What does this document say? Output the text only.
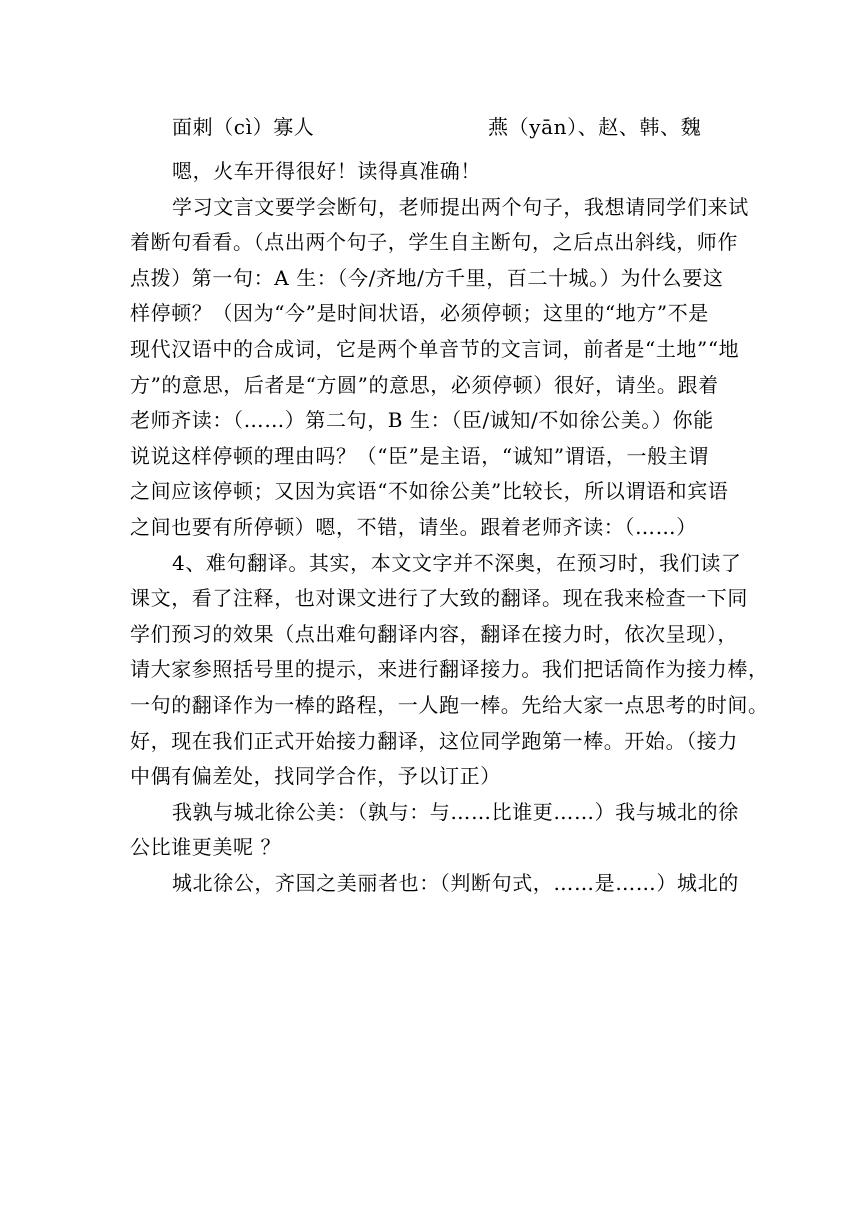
面刺（cì）寡人	燕（yān）、赵、韩、魏
嗯，火车开得很好！读得真准确！
学习文言文要学会断句，老师提出两个句子，我想请同学们来试
着断句看看。（点出两个句子，学生自主断句，之后点出斜线，师作
点拨）第一句：A 生：（今/齐地/方千里，百二十城。）为什么要这
样停顿？（因为“今”是时间状语，必须停顿；这里的“地方”不是
现代汉语中的合成词，它是两个单音节的文言词，前者是“土地”“地
方”的意思，后者是“方圆”的意思，必须停顿）很好，请坐。跟着
老师齐读：（……）第二句，B 生：（臣/诚知/不如徐公美。）你能
说说这样停顿的理由吗？（“臣”是主语，“诚知”谓语，一般主谓
之间应该停顿；又因为宾语“不如徐公美”比较长，所以谓语和宾语
之间也要有所停顿）嗯，不错，请坐。跟着老师齐读：（……）
4、难句翻译。其实，本文文字并不深奥，在预习时，我们读了
课文，看了注释，也对课文进行了大致的翻译。现在我来检查一下同
学们预习的效果（点出难句翻译内容，翻译在接力时，依次呈现），
请大家参照括号里的提示，来进行翻译接力。我们把话筒作为接力棒，
一句的翻译作为一棒的路程，一人跑一棒。先给大家一点思考的时间。
好，现在我们正式开始接力翻译，这位同学跑第一棒。开始。（接力
中偶有偏差处，找同学合作，予以订正）
我孰与城北徐公美：（孰与：与……比谁更……）我与城北的徐
公比谁更美呢 ？
城北徐公，齐国之美丽者也：（判断句式，……是……）城北的
